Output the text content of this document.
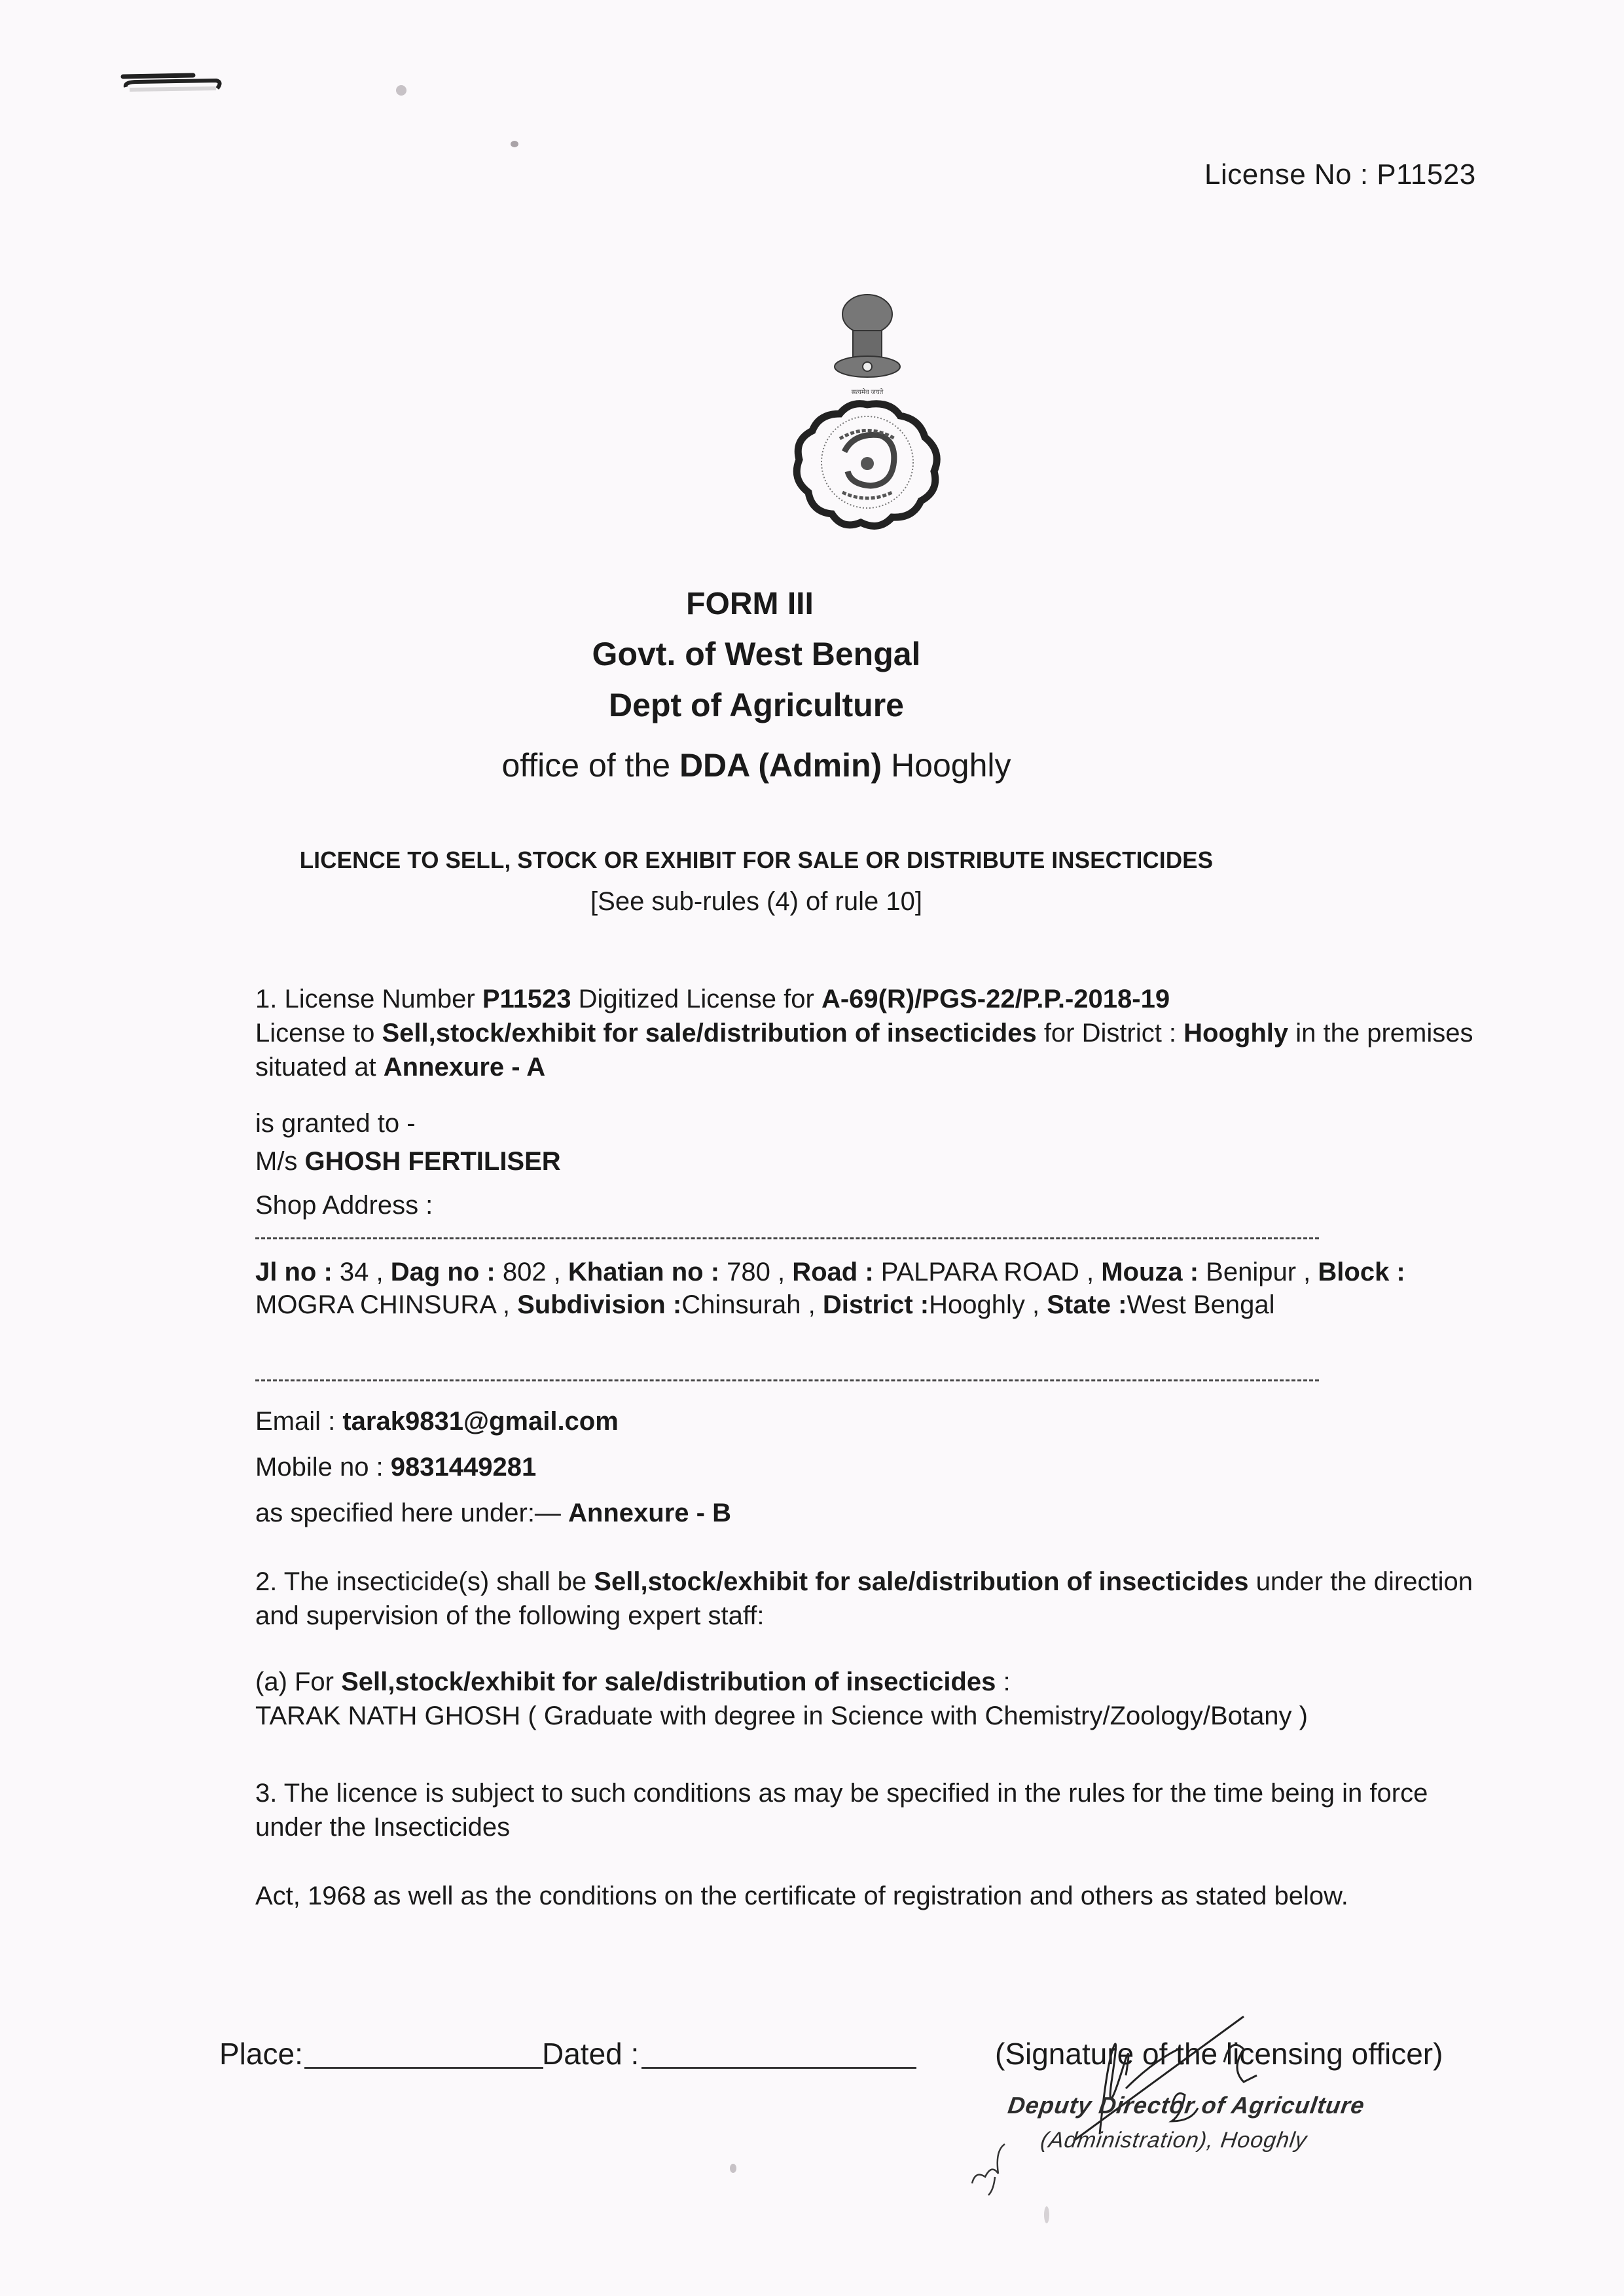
License No : P11523
सत्यमेव जयते
FORM III
Govt. of West Bengal
Dept of Agriculture
office of the DDA (Admin) Hooghly
LICENCE TO SELL, STOCK OR EXHIBIT FOR SALE OR DISTRIBUTE INSECTICIDES
[See sub-rules (4) of rule 10]
1. License Number P11523 Digitized License for A-69(R)/PGS-22/P.P.-2018-19
License to Sell,stock/exhibit for sale/distribution of insecticides for District : Hooghly in the premises situated at Annexure - A
is granted to -
M/s GHOSH FERTILISER
Shop Address :
Jl no : 34 , Dag no : 802 , Khatian no : 780 , Road : PALPARA ROAD , Mouza : Benipur , Block : MOGRA CHINSURA , Subdivision :Chinsurah , District :Hooghly , State :West Bengal
Email : tarak9831@gmail.com
Mobile no : 9831449281
as specified here under:— Annexure - B
2. The insecticide(s) shall be Sell,stock/exhibit for sale/distribution of insecticides under the direction and supervision of the following expert staff:
(a) For Sell,stock/exhibit for sale/distribution of insecticides :
TARAK NATH GHOSH ( Graduate with degree in Science with Chemistry/Zoology/Botany )
3. The licence is subject to such conditions as may be specified in the rules for the time being in force under the Insecticides
Act, 1968 as well as the conditions on the certificate of registration and others as stated below.
Place:	Dated :	(Signature of the licensing officer)
Deputy Director of Agriculture
(Administration), Hooghly
